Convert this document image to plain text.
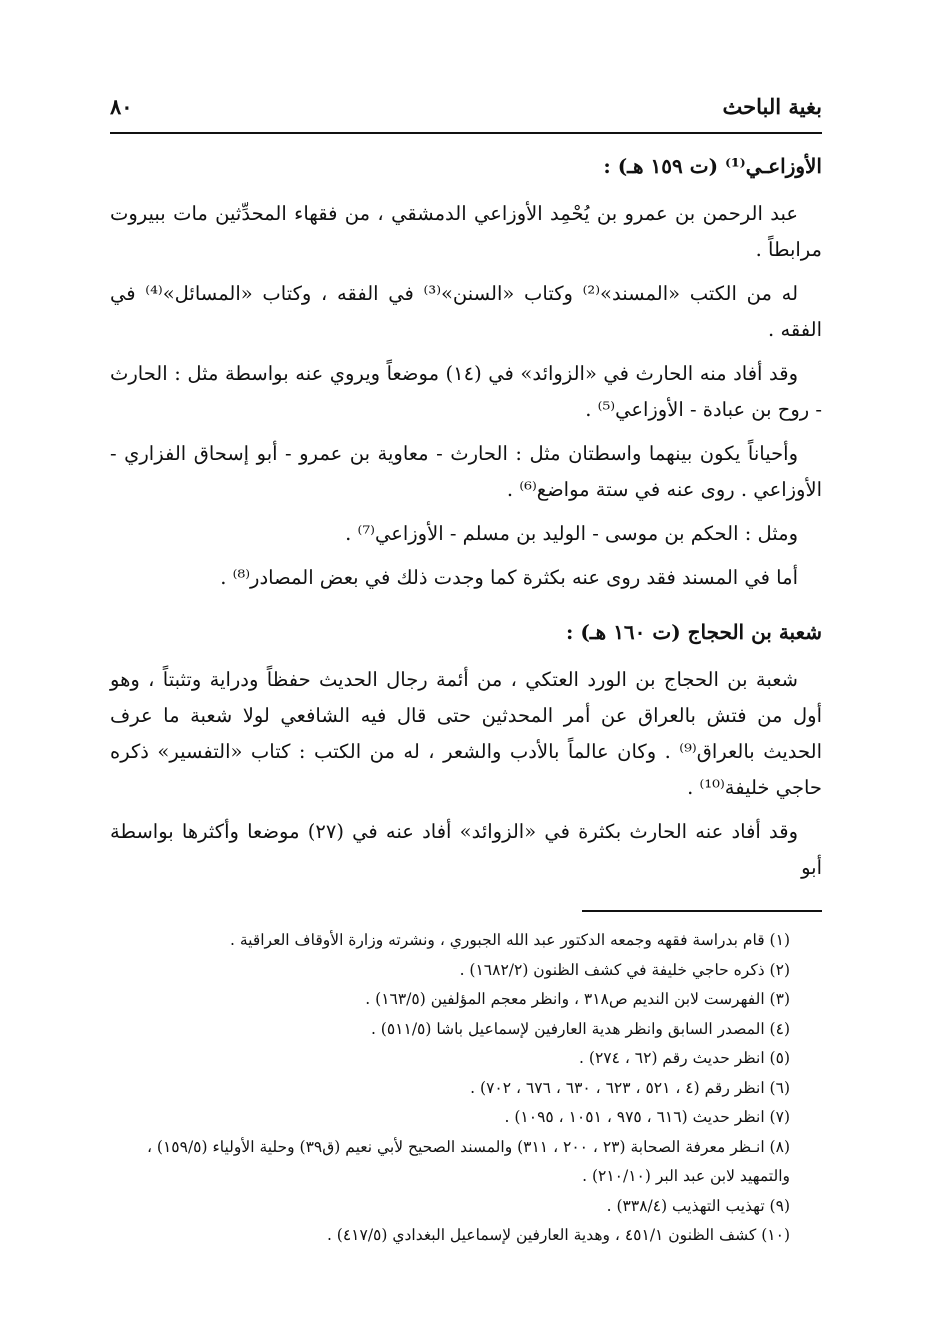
بغية الباحث
٨٠
الأوزاعـي⁽¹⁾ (ت ١٥٩ هـ) :

عبد الرحمن بن عمرو بن يُحْمِد الأوزاعي الدمشقي ، من فقهاء المحدِّثين مات ببيروت مرابطاً .

له من الكتب «المسند»⁽²⁾ وكتاب «السنن»⁽³⁾ في الفقه ، وكتاب «المسائل»⁽⁴⁾ في الفقه .

وقد أفاد منه الحارث في «الزوائد» في (١٤) موضعاً ويروي عنه بواسطة مثل : الحارث - روح بن عبادة - الأوزاعي⁽⁵⁾ .

وأحياناً يكون بينهما واسطتان مثل : الحارث - معاوية بن عمرو - أبو إسحاق الفزاري - الأوزاعي . روى عنه في ستة مواضع⁽⁶⁾ .

ومثل : الحكم بن موسى - الوليد بن مسلم - الأوزاعي⁽⁷⁾ .

أما في المسند فقد روى عنه بكثرة كما وجدت ذلك في بعض المصادر⁽⁸⁾ .

شعبة بن الحجاج (ت ١٦٠ هـ) :

شعبة بن الحجاج بن الورد العتكي ، من أئمة رجال الحديث حفظاً ودراية وتثبتاً ، وهو أول من فتش بالعراق عن أمر المحدثين حتى قال فيه الشافعي لولا شعبة ما عرف الحديث بالعراق⁽⁹⁾ . وكان عالماً بالأدب والشعر ، له من الكتب : كتاب «التفسير» ذكره حاجي خليفة⁽¹⁰⁾ .

وقد أفاد عنه الحارث بكثرة في «الزوائد» أفاد عنه في (٢٧) موضعا وأكثرها بواسطة أبو

(١) قام بدراسة فقهه وجمعه الدكتور عبد الله الجبوري ، ونشرته وزارة الأوقاف العراقية .

(٢) ذكره حاجي خليفة في كشف الظنون (١٦٨٢/٢) .

(٣) الفهرست لابن النديم ص٣١٨ ، وانظر معجم المؤلفين (١٦٣/٥) .

(٤) المصدر السابق وانظر هدية العارفين لإسماعيل باشا (٥١١/٥) .

(٥) انظر حديث رقم (٦٢ ، ٢٧٤) .

(٦) انظر رقم (٤ ، ٥٢١ ، ٦٢٣ ، ٦٣٠ ، ٦٧٦ ، ٧٠٢) .

(٧) انظر حديث (٦١٦ ، ٩٧٥ ، ١٠٥١ ، ١٠٩٥) .

(٨) انـظر معرفة الصحابة (٢٣ ، ٢٠٠ ، ٣١١) والمسند الصحيح لأبي نعيم (ق٣٩) وحلية الأولياء (١٥٩/٥) ، والتمهيد لابن عبد البر (٢١٠/١٠) .

(٩) تهذيب التهذيب (٣٣٨/٤) .

(١٠) كشف الظنون ٤٥١/١ ، وهدية العارفين لإسماعيل البغدادي (٤١٧/٥) .
